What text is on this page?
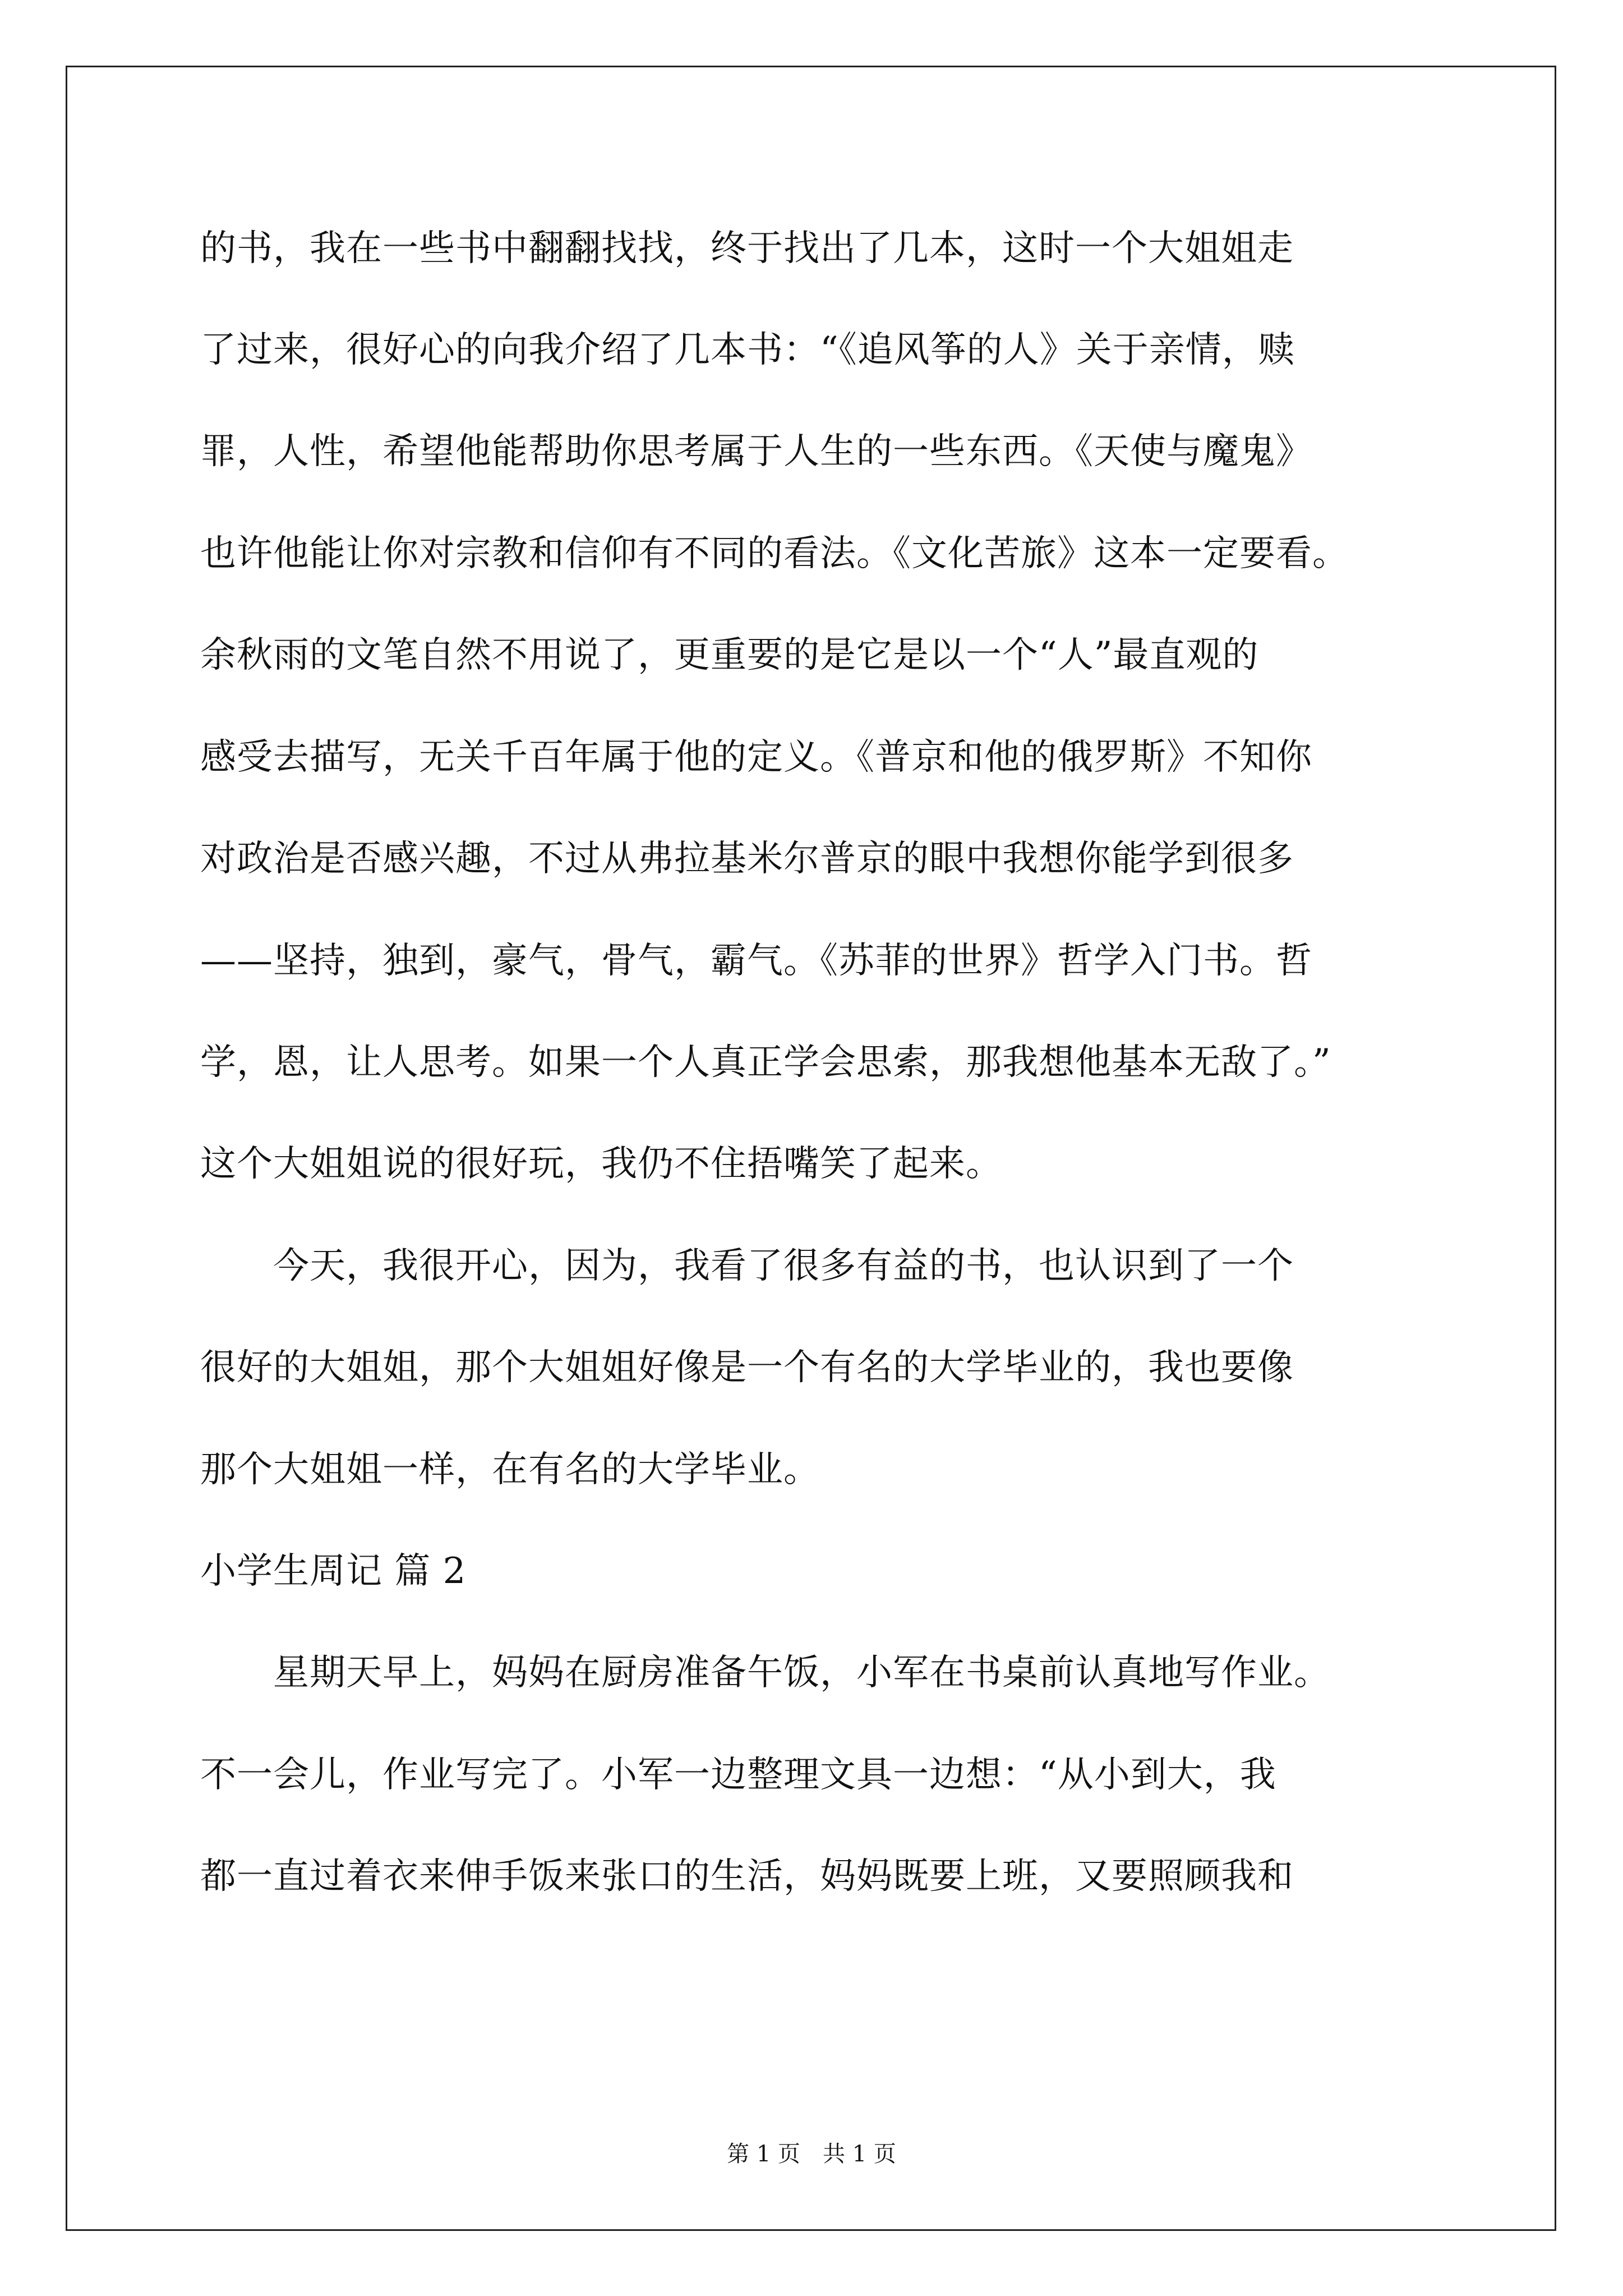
的书，我在一些书中翻翻找找，终于找出了几本，这时一个大姐姐走

了过来，很好心的向我介绍了几本书：“《追风筝的人》关于亲情，赎

罪，人性，希望他能帮助你思考属于人生的一些东西。《天使与魔鬼》

也许他能让你对宗教和信仰有不同的看法。《文化苦旅》这本一定要看。

余秋雨的文笔自然不用说了，更重要的是它是以一个“人”最直观的

感受去描写，无关千百年属于他的定义。《普京和他的俄罗斯》不知你

对政治是否感兴趣，不过从弗拉基米尔普京的眼中我想你能学到很多

——坚持，独到，豪气，骨气，霸气。《苏菲的世界》哲学入门书。哲

学，恩，让人思考。如果一个人真正学会思索，那我想他基本无敌了。”

这个大姐姐说的很好玩，我仍不住捂嘴笑了起来。

　　今天，我很开心，因为，我看了很多有益的书，也认识到了一个

很好的大姐姐，那个大姐姐好像是一个有名的大学毕业的，我也要像

那个大姐姐一样，在有名的大学毕业。

小学生周记 篇 2

　　星期天早上，妈妈在厨房准备午饭，小军在书桌前认真地写作业。

不一会儿，作业写完了。小军一边整理文具一边想：“从小到大，我

都一直过着衣来伸手饭来张口的生活，妈妈既要上班，又要照顾我和

第 1 页　共 1 页
